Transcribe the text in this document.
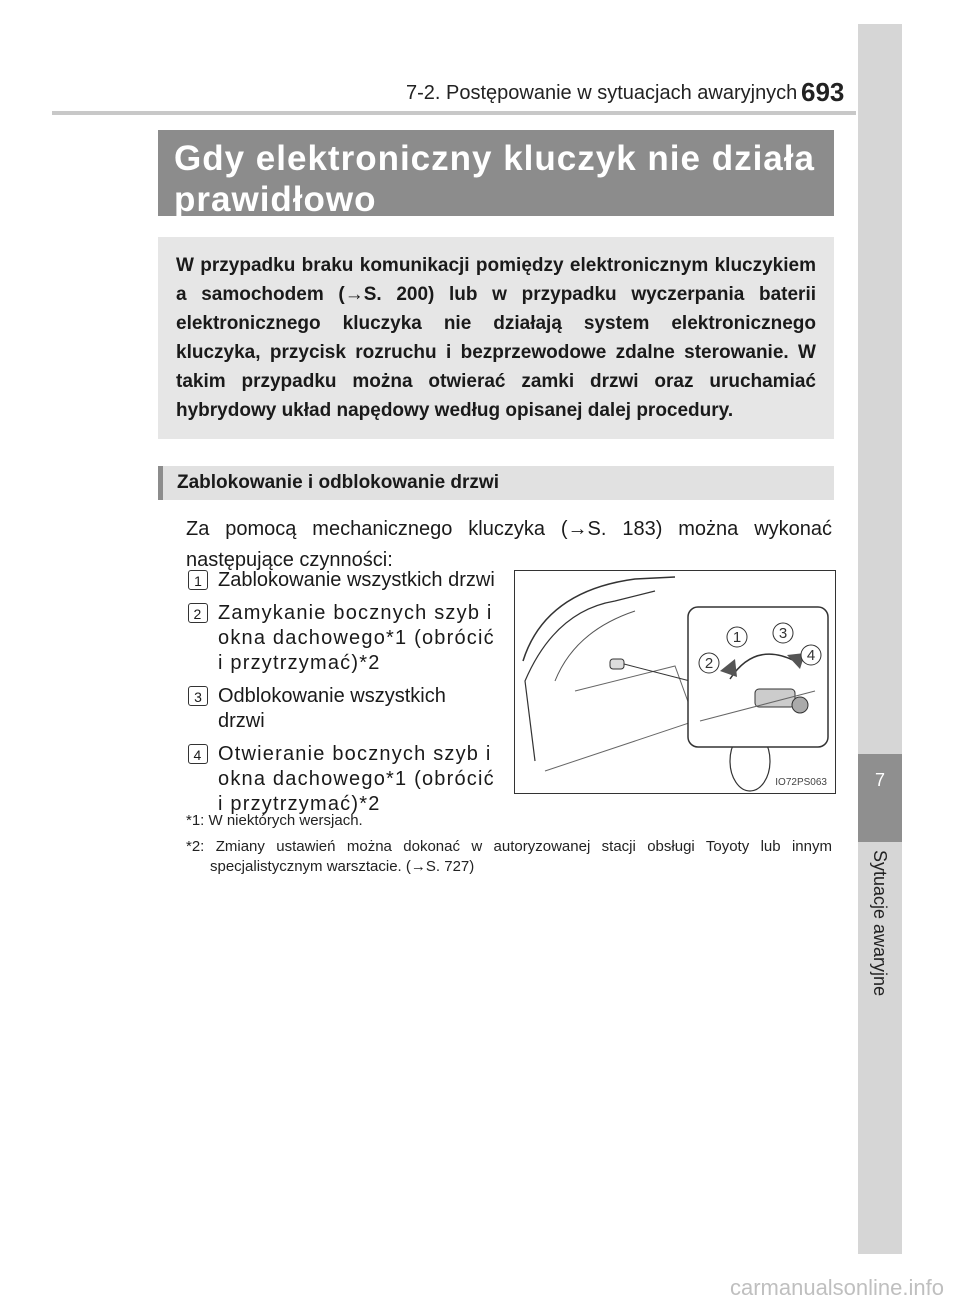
7
Sytuacje awaryjne
7-2. Postępowanie w sytuacjach awaryjnych 693
Gdy elektroniczny kluczyk nie działa prawidłowo
W przypadku braku komunikacji pomiędzy elektronicznym kluczykiem a samochodem (→S. 200) lub w przypadku wyczerpania baterii elektronicznego kluczyka nie działają system elektronicznego kluczyka, przycisk rozruchu i bezprzewodowe zdalne sterowanie. W takim przypadku można otwierać zamki drzwi oraz uruchamiać hybrydowy układ napędowy według opisanej dalej procedury.
Zablokowanie i odblokowanie drzwi
Za pomocą mechanicznego kluczyka (→S. 183) można wykonać następujące czynności:
1 Zablokowanie wszystkich drzwi
2 Zamykanie bocznych szyb i okna dachowego*1 (obrócić i przytrzymać)*2
3 Odblokowanie wszystkich drzwi
4 Otwieranie bocznych szyb i okna dachowego*1 (obrócić i przytrzymać)*2
1	3
2	4
IO72PS063
*1: W niektórych wersjach.
*2: Zmiany ustawień można dokonać w autoryzowanej stacji obsługi Toyoty lub innym specjalistycznym warsztacie. (→S. 727)
carmanualsonline.info
